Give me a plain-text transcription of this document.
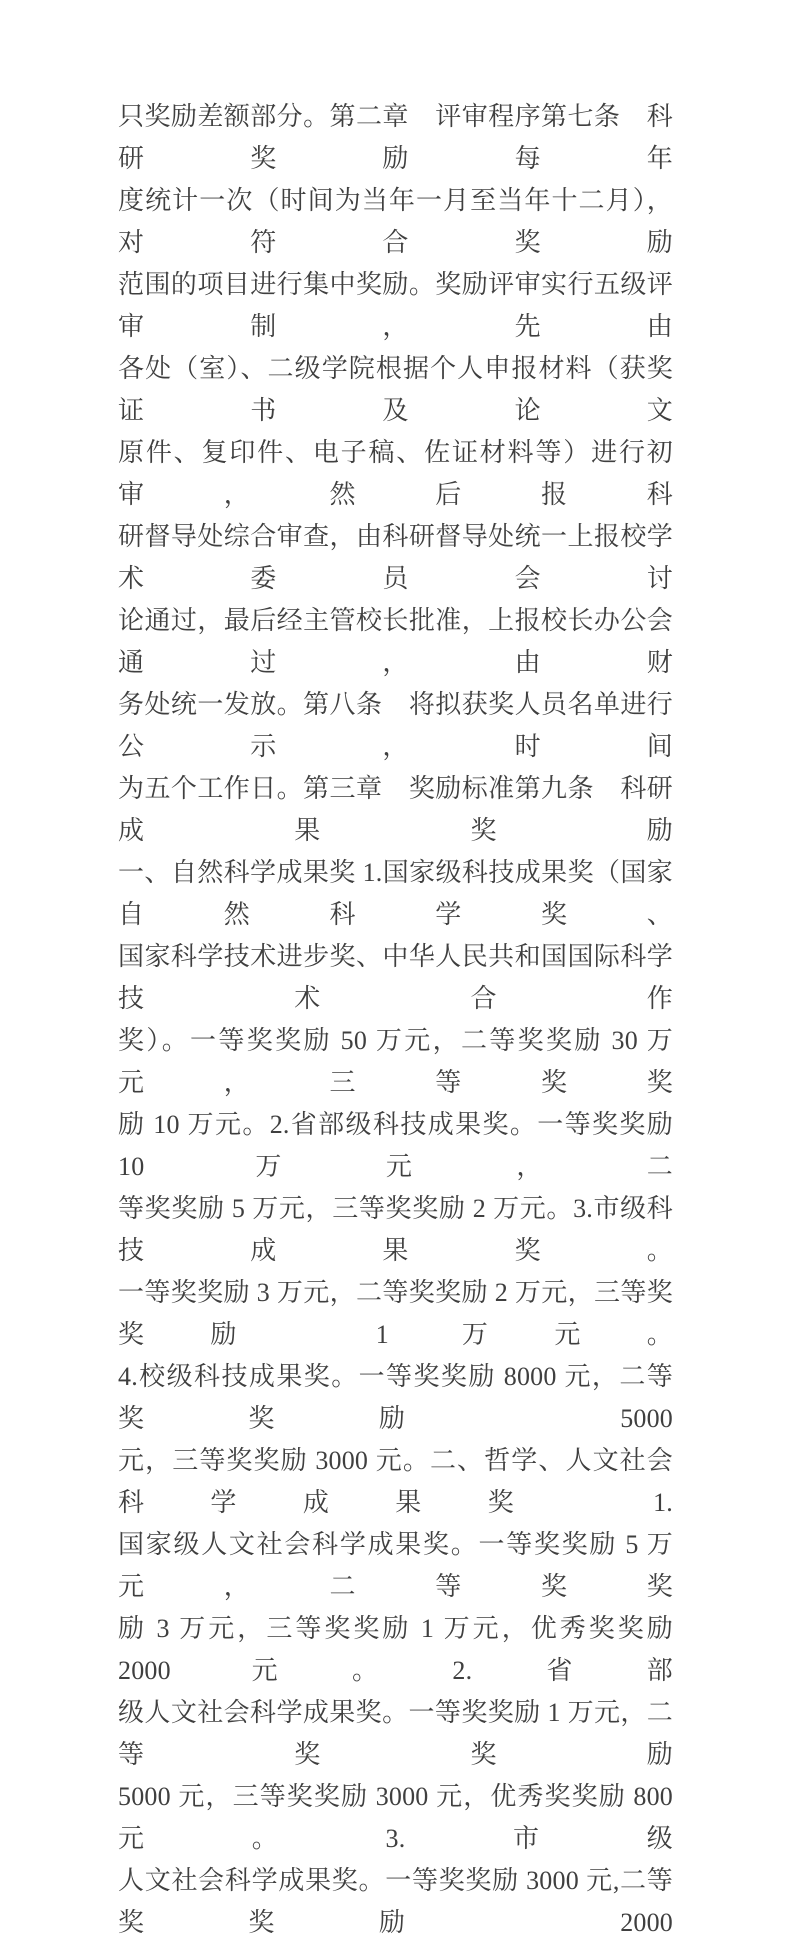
只奖励差额部分。第二章　评审程序第七条　科研奖励每年
度统计一次（时间为当年一月至当年十二月），对符合奖励
范围的项目进行集中奖励。奖励评审实行五级评审制，先由
各处（室）、二级学院根据个人申报材料（获奖证书及论文
原件、复印件、电子稿、佐证材料等）进行初审，然后报科
研督导处综合审查，由科研督导处统一上报校学术委员会讨
论通过，最后经主管校长批准，上报校长办公会通过，由财
务处统一发放。第八条　将拟获奖人员名单进行公示，时间
为五个工作日。第三章　奖励标准第九条　科研成果奖励
一、自然科学成果奖 1.国家级科技成果奖（国家自然科学奖、
国家科学技术进步奖、中华人民共和国国际科学技术合作
奖）。一等奖奖励 50 万元，二等奖奖励 30 万元，三等奖奖
励 10 万元。2.省部级科技成果奖。一等奖奖励 10 万元，二
等奖奖励 5 万元，三等奖奖励 2 万元。3.市级科技成果奖。
一等奖奖励 3 万元，二等奖奖励 2 万元，三等奖奖励 1 万元。
4.校级科技成果奖。一等奖奖励 8000 元，二等奖奖励 5000
元，三等奖奖励 3000 元。二、哲学、人文社会科学成果奖 1.
国家级人文社会科学成果奖。一等奖奖励 5 万元，二等奖奖
励 3 万元，三等奖奖励 1 万元，优秀奖奖励 2000 元。2.省部
级人文社会科学成果奖。一等奖奖励 1 万元，二等奖奖励
5000 元，三等奖奖励 3000 元，优秀奖奖励 800 元。3.市级
人文社会科学成果奖。一等奖奖励 3000 元,二等奖奖励 2000
